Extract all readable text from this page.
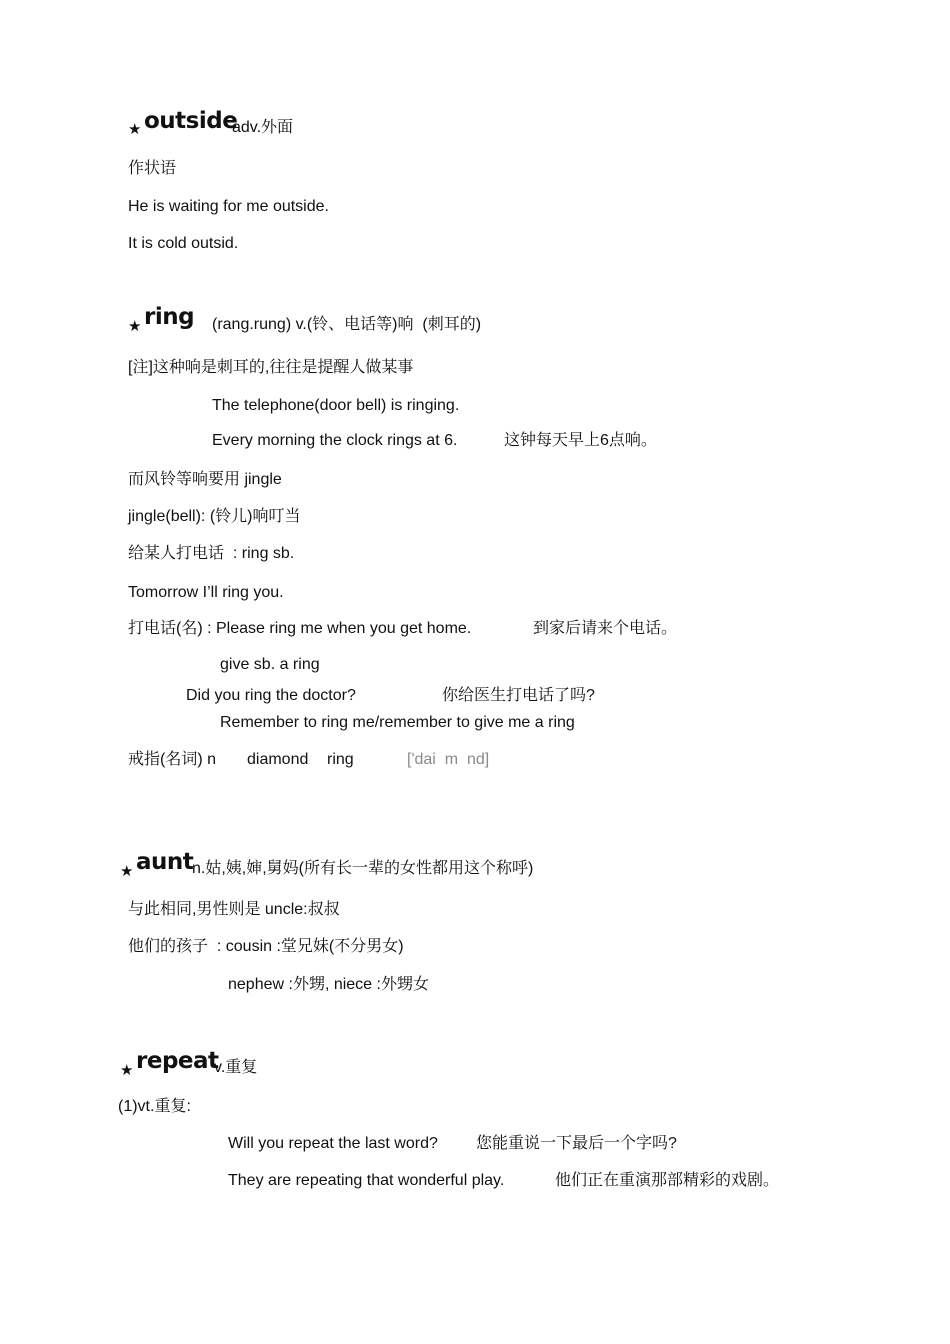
★ outside
adv.外面
作状语
He is waiting for me outside.
It is cold outsid.
★ ring (rang.rung) v.(铃、电话等)响  (刺耳的)
[注]这种响是刺耳的,往往是提醒人做某事
The telephone(door bell) is ringing.
Every morning the clock rings at 6.	这钟每天早上6点响。
而风铃等响要用 jingle
jingle(bell): (铃儿)响叮当
给某人打电话  : ring sb.
Tomorrow I’ll ring you.
打电话(名) : Please ring me when you get home.	到家后请来个电话。
give sb. a ring
Did you ring the doctor?	你给医生打电话了吗?
Remember to ring me/remember to give me a ring
戒指(名词) n diamond ring	['dai  m  nd]
★ aunt
n.姑,姨,婶,舅妈(所有长一辈的女性都用这个称呼)
与此相同,男性则是 uncle:叔叔
他们的孩子  : cousin :堂兄妹(不分男女)
nephew :外甥, niece :外甥女
★ repeat
v.重复
(1)vt.重复:
Will you repeat the last word? 您能重说一下最后一个字吗?
They are repeating that wonderful play.	他们正在重演那部精彩的戏剧。
